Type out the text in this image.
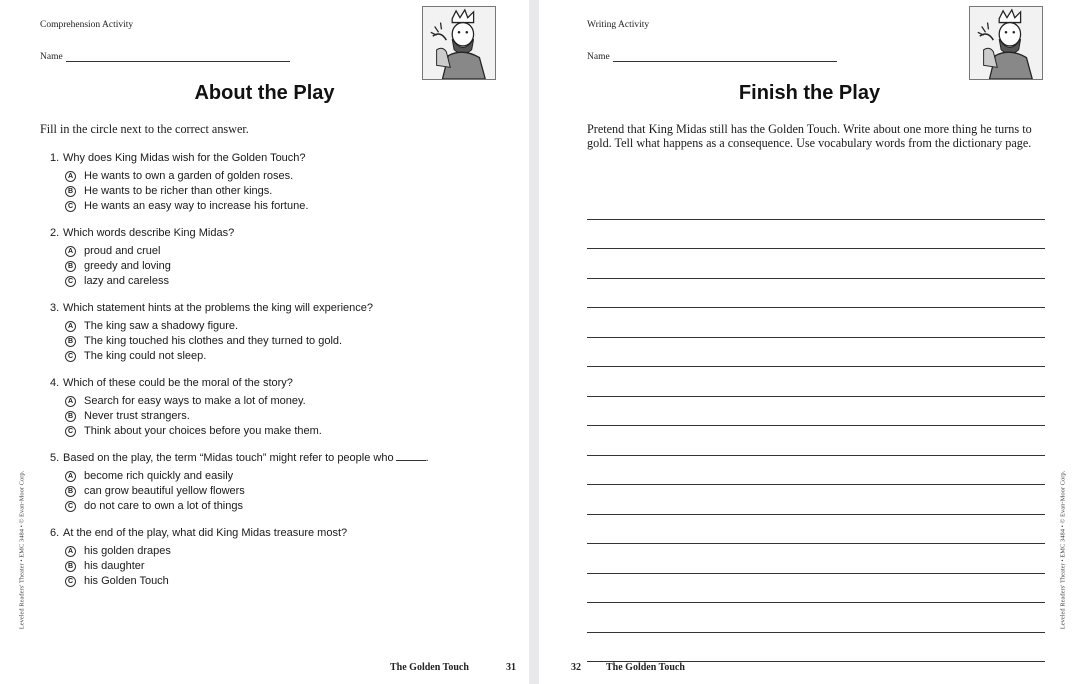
Comprehension Activity
Name
About the Play
Fill in the circle next to the correct answer.
1. Why does King Midas wish for the Golden Touch?
A He wants to own a garden of golden roses.
B He wants to be richer than other kings.
C He wants an easy way to increase his fortune.
2. Which words describe King Midas?
A proud and cruel
B greedy and loving
C lazy and careless
3. Which statement hints at the problems the king will experience?
A The king saw a shadowy figure.
B The king touched his clothes and they turned to gold.
C The king could not sleep.
4. Which of these could be the moral of the story?
A Search for easy ways to make a lot of money.
B Never trust strangers.
C Think about your choices before you make them.
5. Based on the play, the term “Midas touch” might refer to people who	.
A become rich quickly and easily
B can grow beautiful yellow flowers
C do not care to own a lot of things
6. At the end of the play, what did King Midas treasure most?
A his golden drapes
B his daughter
C his Golden Touch
Leveled Readers' Theater • EMC 3484 • © Evan-Moor Corp.
The Golden Touch	31
Writing Activity
Name
Finish the Play
Pretend that King Midas still has the Golden Touch. Write about one more thing he turns to gold. Tell what happens as a consequence. Use vocabulary words from the dictionary page.
Leveled Readers' Theater • EMC 3484 • © Evan-Moor Corp.
32	The Golden Touch
